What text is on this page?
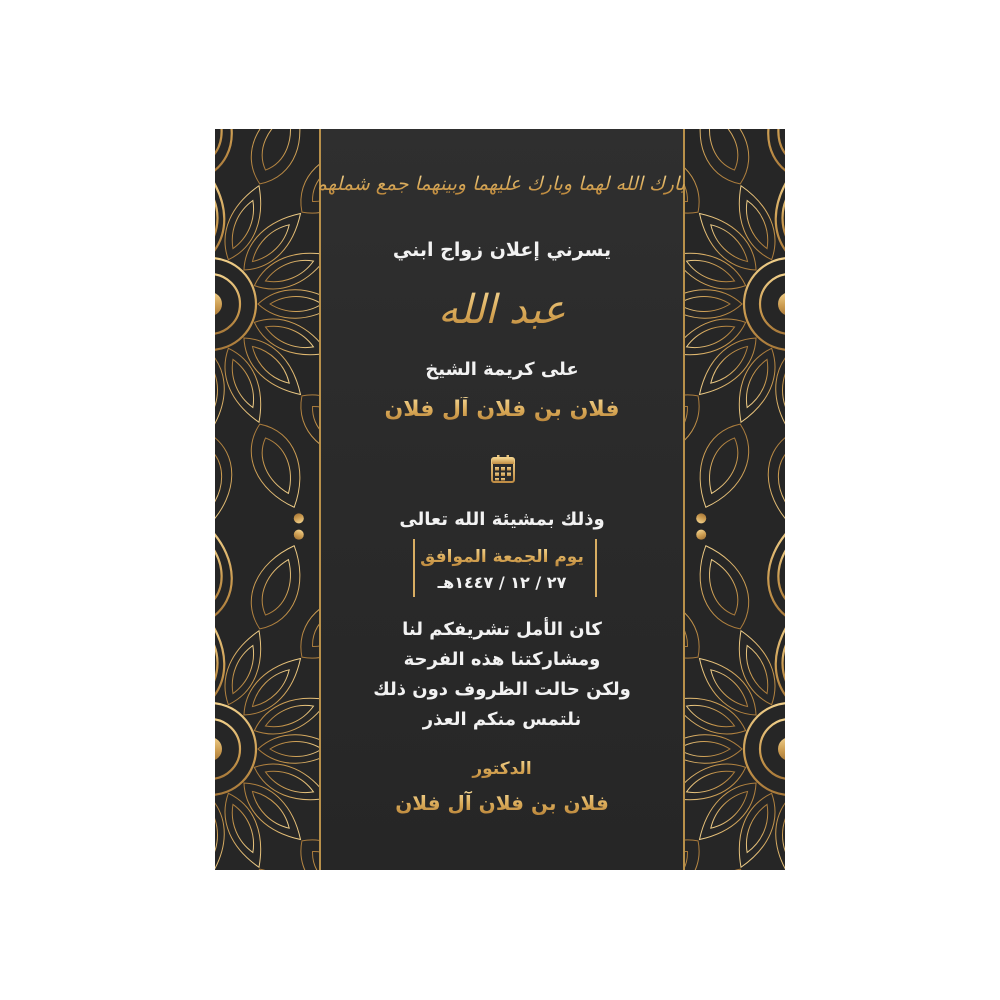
بارك الله لهما وبارك عليهما وبينهما جمع شملهما في خير

يسرني إعلان زواج ابني

عبد الله

على كريمة الشيخ

فلان بن فلان آل فلان

وذلك بمشيئة الله تعالى

يوم الجمعة الموافق

٢٧ / ١٢ / ١٤٤٧هـ

كان الأمل تشريفكم لنا

ومشاركتنا هذه الفرحة

ولكن حالت الظروف دون ذلك

نلتمس منكم العذر

الدكتور

فلان بن فلان آل فلان
